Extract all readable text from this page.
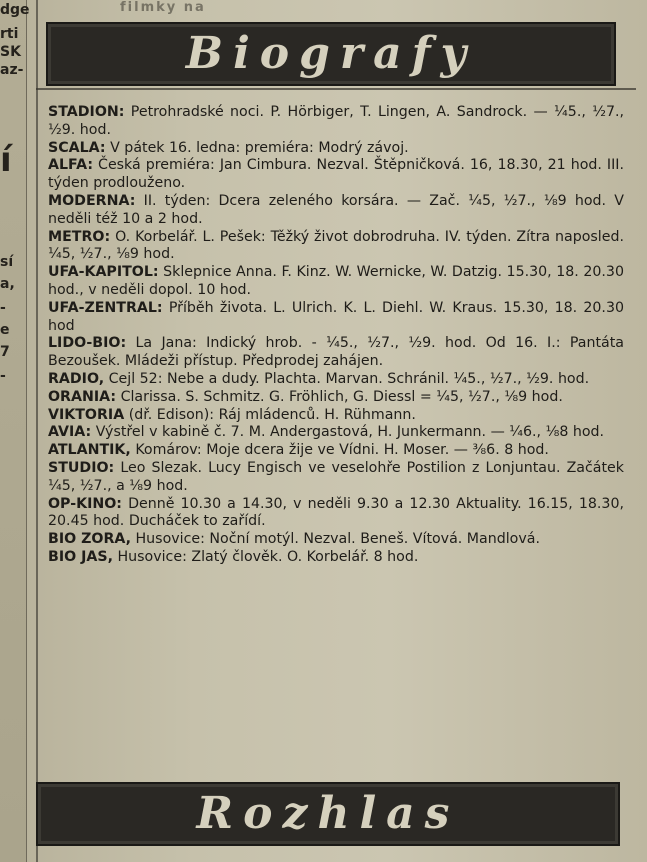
dge
rti
SK
az-
í
sí
a,
-
e
7
-
filmky na
Biografy

STADION: Petrohradské noci. P. Hörbiger, T. Lingen, A. Sandrock. — ¼5., ½7., ½9. hod.

SCALA: V pátek 16. ledna: premiéra: Modrý závoj.

ALFA: Česká premiéra: Jan Cimbura. Nezval. Štěpničková. 16, 18.30, 21 hod. III. týden prodlouženo.

MODERNA: II. týden: Dcera zeleného korsára. — Zač. ¼5, ½7., ⅛9 hod. V neděli též 10 a 2 hod.

METRO: O. Korbelář. L. Pešek: Těžký život dobrodruha. IV. týden. Zítra naposled. ¼5, ½7., ⅛9 hod.

UFA-KAPITOL: Sklepnice Anna. F. Kinz. W. Wernicke, W. Datzig. 15.30, 18. 20.30 hod., v neděli dopol. 10 hod.

UFA-ZENTRAL: Příběh života. L. Ulrich. K. L. Diehl. W. Kraus. 15.30, 18. 20.30 hod

LIDO-BIO: La Jana: Indický hrob. - ¼5., ½7., ½9. hod. Od 16. I.: Pantáta Bezoušek. Mládeži přístup. Předprodej zahájen.

RADIO, Cejl 52: Nebe a dudy. Plachta. Marvan. Schránil. ¼5., ½7., ½9. hod.

ORANIA: Clarissa. S. Schmitz. G. Fröhlich, G. Diessl = ¼5, ½7., ⅛9 hod.

VIKTORIA (dř. Edison): Ráj mládenců. H. Rühmann.

AVIA: Výstřel v kabině č. 7. M. Andergastová, H. Junkermann. — ¼6., ⅛8 hod.

ATLANTIK, Komárov: Moje dcera žije ve Vídni. H. Moser. — ⅜6. 8 hod.

STUDIO: Leo Slezak. Lucy Engisch ve veselohře Postilion z Lonjuntau. Začátek ¼5, ½7., a ⅛9 hod.

OP-KINO: Denně 10.30 a 14.30, v neděli 9.30 a 12.30 Aktuality. 16.15, 18.30, 20.45 hod. Ducháček to zařídí.

BIO ZORA, Husovice: Noční motýl. Nezval. Beneš. Vítová. Mandlová.

BIO JAS, Husovice: Zlatý člověk. O. Korbelář. 8 hod.

Rozhlas
